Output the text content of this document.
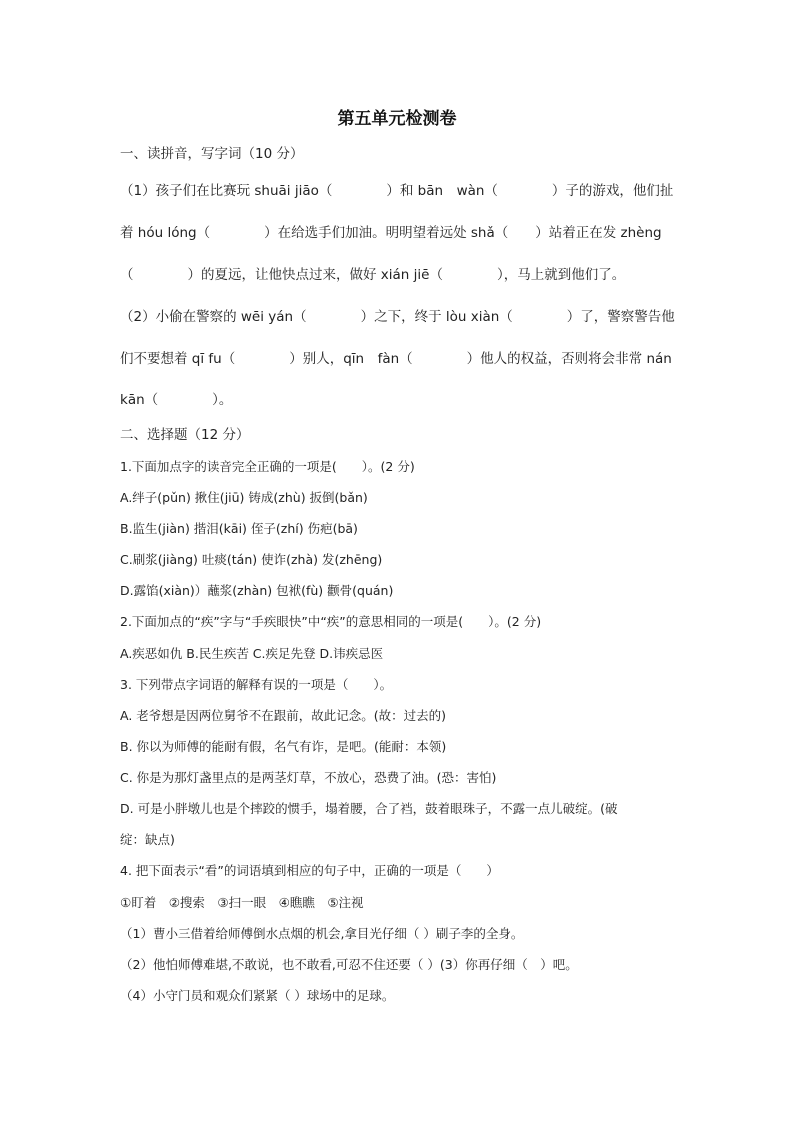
第五单元检测卷
一、读拼音，写字词（10 分）
（1）孩子们在比赛玩 shuāi jiāo（　　　　）和 bān　wàn（　　　　）子的游戏，他们扯
着 hóu lóng（　　　　）在给选手们加油。明明望着远处 shǎ（　　）站着正在发 zhèng
（　　　　）的夏远，让他快点过来，做好 xián jiē（　　　　），马上就到他们了。
（2）小偷在警察的 wēi yán（　　　　）之下，终于 lòu xiàn（　　　　）了，警察警告他
们不要想着 qī fu（　　　　）别人，qīn　fàn（　　　　）他人的权益，否则将会非常 nán
kān（　　　　）。
二、选择题（12 分）
1.下面加点字的读音完全正确的一项是(　　）。(2 分)
A.绊子(pǔn) 揪住(jiū) 铸成(zhù) 扳倒(bǎn)
B.监生(jiàn) 揩泪(kāi) 侄子(zhí) 伤疤(bā)
C.刷浆(jiàng) 吐痰(tán) 使诈(zhà) 发(zhēng)
D.露馅(xiàn)）蘸浆(zhàn) 包袱(fù) 颧骨(quán)
2.下面加点的“疾”字与“手疾眼快”中“疾”的意思相同的一项是(　　）。(2 分)
A.疾恶如仇 B.民生疾苦 C.疾足先登 D.讳疾忌医
3. 下列带点字词语的解释有误的一项是（　　）。
A. 老爷想是因两位舅爷不在跟前，故此记念。(故：过去的)
B. 你以为师傅的能耐有假，名气有诈，是吧。(能耐：本领)
C. 你是为那灯盏里点的是两茎灯草，不放心，恐费了油。(恐：害怕)
D. 可是小胖墩儿也是个摔跤的惯手，塌着腰，合了裆，鼓着眼珠子，不露一点儿破绽。(破
绽：缺点)
4. 把下面表示“看”的词语填到相应的句子中，正确的一项是（　　）
①盯着　②搜索　③扫一眼　④瞧瞧　⑤注视
（1）曹小三借着给师傅倒水点烟的机会,拿目光仔细（ ）刷子李的全身。
（2）他怕师傅难堪,不敢说，也不敢看,可忍不住还要（ ）(3）你再仔细（　）吧。
（4）小守门员和观众们紧紧（ ）球场中的足球。
